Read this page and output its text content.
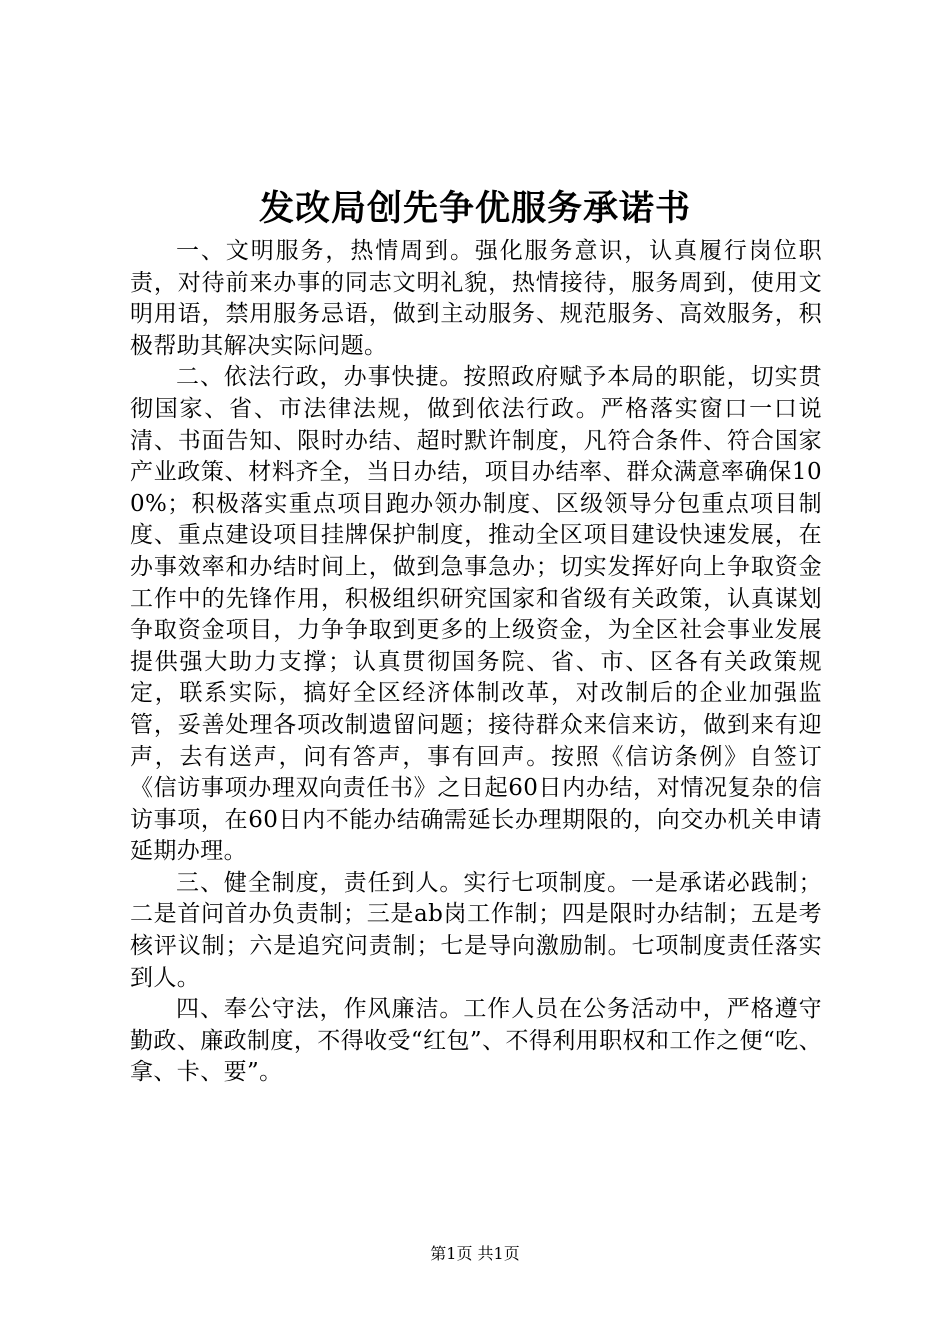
发改局创先争优服务承诺书

一、文明服务，热情周到。强化服务意识，认真履行岗位职责，对待前来办事的同志文明礼貌，热情接待，服务周到，使用文明用语，禁用服务忌语，做到主动服务、规范服务、高效服务，积极帮助其解决实际问题。

二、依法行政，办事快捷。按照政府赋予本局的职能，切实贯彻国家、省、市法律法规，做到依法行政。严格落实窗口一口说清、书面告知、限时办结、超时默许制度，凡符合条件、符合国家产业政策、材料齐全，当日办结，项目办结率、群众满意率确保100%；积极落实重点项目跑办领办制度、区级领导分包重点项目制度、重点建设项目挂牌保护制度，推动全区项目建设快速发展，在办事效率和办结时间上，做到急事急办；切实发挥好向上争取资金工作中的先锋作用，积极组织研究国家和省级有关政策，认真谋划争取资金项目，力争争取到更多的上级资金，为全区社会事业发展提供强大助力支撑；认真贯彻国务院、省、市、区各有关政策规定，联系实际，搞好全区经济体制改革，对改制后的企业加强监管，妥善处理各项改制遗留问题；接待群众来信来访，做到来有迎声，去有送声，问有答声，事有回声。按照《信访条例》自签订《信访事项办理双向责任书》之日起60日内办结，对情况复杂的信访事项，在60日内不能办结确需延长办理期限的，向交办机关申请延期办理。

三、健全制度，责任到人。实行七项制度。一是承诺必践制；二是首问首办负责制；三是ab岗工作制；四是限时办结制；五是考核评议制；六是追究问责制；七是导向激励制。七项制度责任落实到人。

四、奉公守法，作风廉洁。工作人员在公务活动中，严格遵守勤政、廉政制度，不得收受“红包”、不得利用职权和工作之便“吃、拿、卡、要”。

第1页 共1页
